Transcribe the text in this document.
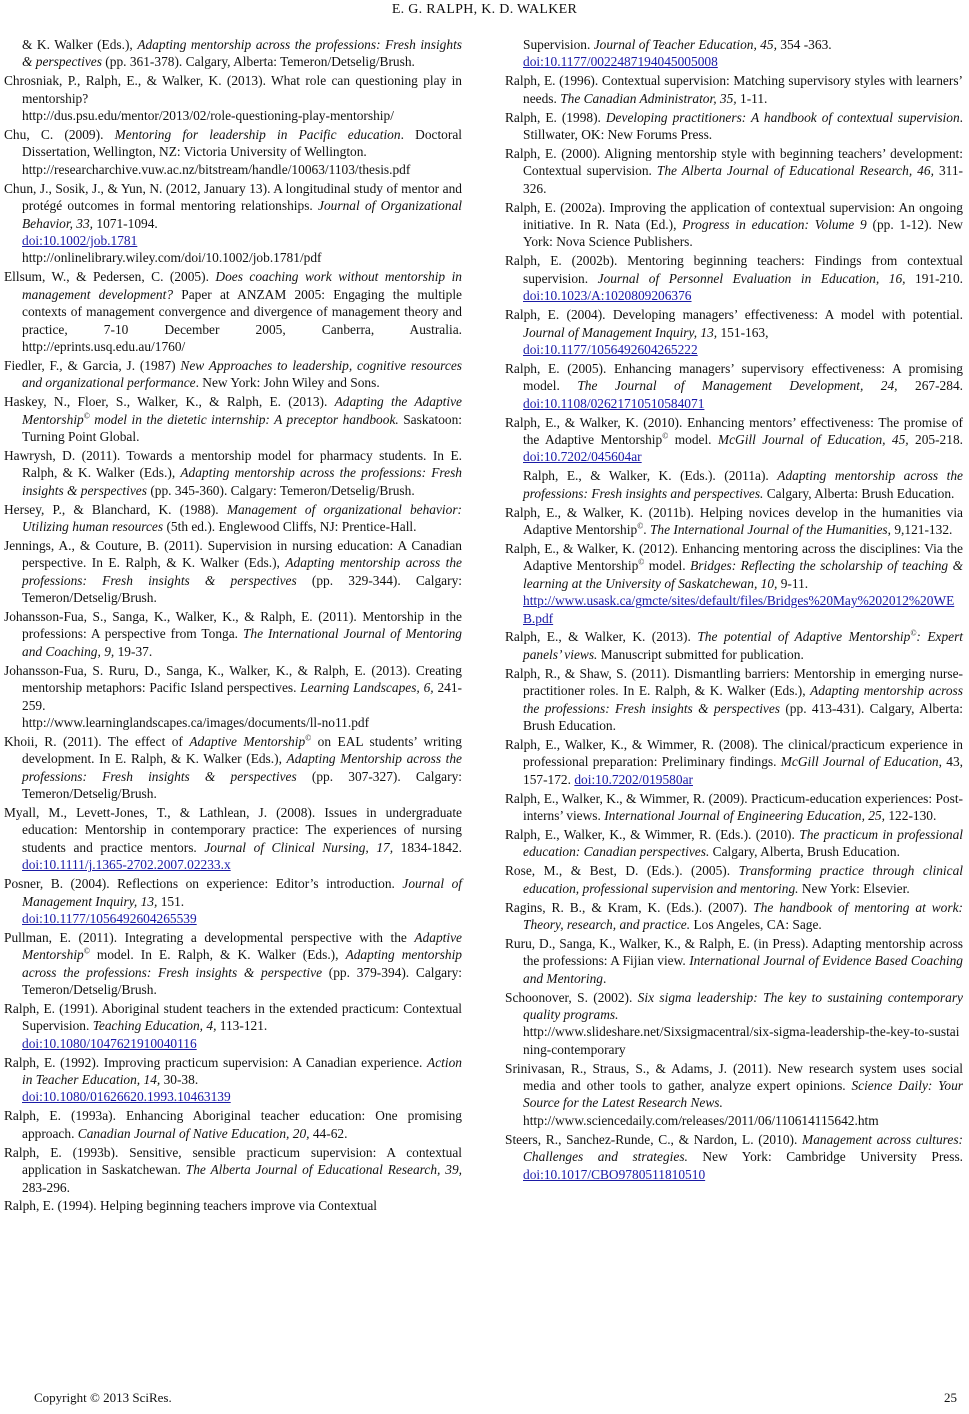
E. G. RALPH, K. D. WALKER

& K. Walker (Eds.), Adapting mentorship across the professions: Fresh insights & perspectives (pp. 361-378). Calgary, Alberta: Temeron/Detselig/Brush.

Chrosniak, P., Ralph, E., & Walker, K. (2013). What role can questioning play in mentorship?
http://dus.psu.edu/mentor/2013/02/role-questioning-play-mentorship/

Chu, C. (2009). Mentoring for leadership in Pacific education. Doctoral Dissertation, Wellington, NZ: Victoria University of Wellington.
http://researcharchive.vuw.ac.nz/bitstream/handle/10063/1103/thesis.pdf

Chun, J., Sosik, J., & Yun, N. (2012, January 13). A longitudinal study of mentor and protégé outcomes in formal mentoring relationships. Journal of Organizational Behavior, 33, 1071-1094.
doi:10.1002/job.1781
http://onlinelibrary.wiley.com/doi/10.1002/job.1781/pdf

Ellsum, W., & Pedersen, C. (2005). Does coaching work without mentorship in management development? Paper at ANZAM 2005: Engaging the multiple contexts of management convergence and divergence of management theory and practice, 7-10 December 2005, Canberra, Australia. http://eprints.usq.edu.au/1760/

Fiedler, F., & Garcia, J. (1987) New Approaches to leadership, cognitive resources and organizational performance. New York: John Wiley and Sons.

Haskey, N., Floer, S., Walker, K., & Ralph, E. (2013). Adapting the Adaptive Mentorship© model in the dietetic internship: A preceptor handbook. Saskatoon: Turning Point Global.

Hawrysh, D. (2011). Towards a mentorship model for pharmacy students. In E. Ralph, & K. Walker (Eds.), Adapting mentorship across the professions: Fresh insights & perspectives (pp. 345-360). Calgary: Temeron/Detselig/Brush.

Hersey, P., & Blanchard, K. (1988). Management of organizational behavior: Utilizing human resources (5th ed.). Englewood Cliffs, NJ: Prentice-Hall.

Jennings, A., & Couture, B. (2011). Supervision in nursing education: A Canadian perspective. In E. Ralph, & K. Walker (Eds.), Adapting mentorship across the professions: Fresh insights & perspectives (pp. 329-344). Calgary: Temeron/Detselig/Brush.

Johansson-Fua, S., Sanga, K., Walker, K., & Ralph, E. (2011). Mentorship in the professions: A perspective from Tonga. The International Journal of Mentoring and Coaching, 9, 19-37.

Johansson-Fua, S. Ruru, D., Sanga, K., Walker, K., & Ralph, E. (2013). Creating mentorship metaphors: Pacific Island perspectives. Learning Landscapes, 6, 241-259.
http://www.learninglandscapes.ca/images/documents/ll-no11.pdf

Khoii, R. (2011). The effect of Adaptive Mentorship© on EAL students’ writing development. In E. Ralph, & K. Walker (Eds.), Adapting Mentorship across the professions: Fresh insights & perspectives (pp. 307-327). Calgary: Temeron/Detselig/Brush.

Myall, M., Levett-Jones, T., & Lathlean, J. (2008). Issues in undergraduate education: Mentorship in contemporary practice: The experiences of nursing students and practice mentors. Journal of Clinical Nursing, 17, 1834-1842. doi:10.1111/j.1365-2702.2007.02233.x

Posner, B. (2004). Reflections on experience: Editor’s introduction. Journal of Management Inquiry, 13, 151.
doi:10.1177/1056492604265539

Pullman, E. (2011). Integrating a developmental perspective with the Adaptive Mentorship© model. In E. Ralph, & K. Walker (Eds.), Adapting mentorship across the professions: Fresh insights & perspective (pp. 379-394). Calgary: Temeron/Detselig/Brush.

Ralph, E. (1991). Aboriginal student teachers in the extended practicum: Contextual Supervision. Teaching Education, 4, 113-121.
doi:10.1080/1047621910040116

Ralph, E. (1992). Improving practicum supervision: A Canadian experience. Action in Teacher Education, 14, 30-38.
doi:10.1080/01626620.1993.10463139

Ralph, E. (1993a). Enhancing Aboriginal teacher education: One promising approach. Canadian Journal of Native Education, 20, 44-62.

Ralph, E. (1993b). Sensitive, sensible practicum supervision: A contextual application in Saskatchewan. The Alberta Journal of Educational Research, 39, 283-296.

Ralph, E. (1994). Helping beginning teachers improve via Contextual

Supervision. Journal of Teacher Education, 45, 354 -363.
doi:10.1177/0022487194045005008

Ralph, E. (1996). Contextual supervision: Matching supervisory styles with learners’ needs. The Canadian Administrator, 35, 1-11.

Ralph, E. (1998). Developing practitioners: A handbook of contextual supervision. Stillwater, OK: New Forums Press.

Ralph, E. (2000). Aligning mentorship style with beginning teachers’ development: Contextual supervision. The Alberta Journal of Educational Research, 46, 311-326.

Ralph, E. (2002a). Improving the application of contextual supervision: An ongoing initiative. In R. Nata (Ed.), Progress in education: Volume 9 (pp. 1-12). New York: Nova Science Publishers.

Ralph, E. (2002b). Mentoring beginning teachers: Findings from contextual supervision. Journal of Personnel Evaluation in Education, 16, 191-210. doi:10.1023/A:1020809206376

Ralph, E. (2004). Developing managers’ effectiveness: A model with potential. Journal of Management Inquiry, 13, 151-163,
doi:10.1177/1056492604265222

Ralph, E. (2005). Enhancing managers’ supervisory effectiveness: A promising model. The Journal of Management Development, 24, 267-284. doi:10.1108/02621710510584071

Ralph, E., & Walker, K. (2010). Enhancing mentors’ effectiveness: The promise of the Adaptive Mentorship© model. McGill Journal of Education, 45, 205-218. doi:10.7202/045604ar

Ralph, E., & Walker, K. (Eds.). (2011a). Adapting mentorship across the professions: Fresh insights and perspectives. Calgary, Alberta: Brush Education.

Ralph, E., & Walker, K. (2011b). Helping novices develop in the humanities via Adaptive Mentorship©. The International Journal of the Humanities, 9,121-132.

Ralph, E., & Walker, K. (2012). Enhancing mentoring across the disciplines: Via the Adaptive Mentorship© model. Bridges: Reflecting the scholarship of teaching & learning at the University of Saskatchewan, 10, 9-11.
http://www.usask.ca/gmcte/sites/default/files/Bridges%20May%202012%20WEB.pdf

Ralph, E., & Walker, K. (2013). The potential of Adaptive Mentorship©: Expert panels’ views. Manuscript submitted for publication.

Ralph, R., & Shaw, S. (2011). Dismantling barriers: Mentorship in emerging nurse-practitioner roles. In E. Ralph, & K. Walker (Eds.), Adapting mentorship across the professions: Fresh insights & perspectives (pp. 413-431). Calgary, Alberta: Brush Education.

Ralph, E., Walker, K., & Wimmer, R. (2008). The clinical/practicum experience in professional preparation: Preliminary findings. McGill Journal of Education, 43, 157-172. doi:10.7202/019580ar

Ralph, E., Walker, K., & Wimmer, R. (2009). Practicum-education experiences: Post-interns’ views. International Journal of Engineering Education, 25, 122-130.

Ralph, E., Walker, K., & Wimmer, R. (Eds.). (2010). The practicum in professional education: Canadian perspectives. Calgary, Alberta, Brush Education.

Rose, M., & Best, D. (Eds.). (2005). Transforming practice through clinical education, professional supervision and mentoring. New York: Elsevier.

Ragins, R. B., & Kram, K. (Eds.). (2007). The handbook of mentoring at work: Theory, research, and practice. Los Angeles, CA: Sage.

Ruru, D., Sanga, K., Walker, K., & Ralph, E. (in Press). Adapting mentorship across the professions: A Fijian view. International Journal of Evidence Based Coaching and Mentoring.

Schoonover, S. (2002). Six sigma leadership: The key to sustaining contemporary quality programs.
http://www.slideshare.net/Sixsigmacentral/six-sigma-leadership-the-key-to-sustaining-contemporary

Srinivasan, R., Straus, S., & Adams, J. (2011). New research system uses social media and other tools to gather, analyze expert opinions. Science Daily: Your Source for the Latest Research News.
http://www.sciencedaily.com/releases/2011/06/110614115642.htm

Steers, R., Sanchez-Runde, C., & Nardon, L. (2010). Management across cultures: Challenges and strategies. New York: Cambridge University Press. doi:10.1017/CBO9780511810510

Copyright © 2013 SciRes.	25
